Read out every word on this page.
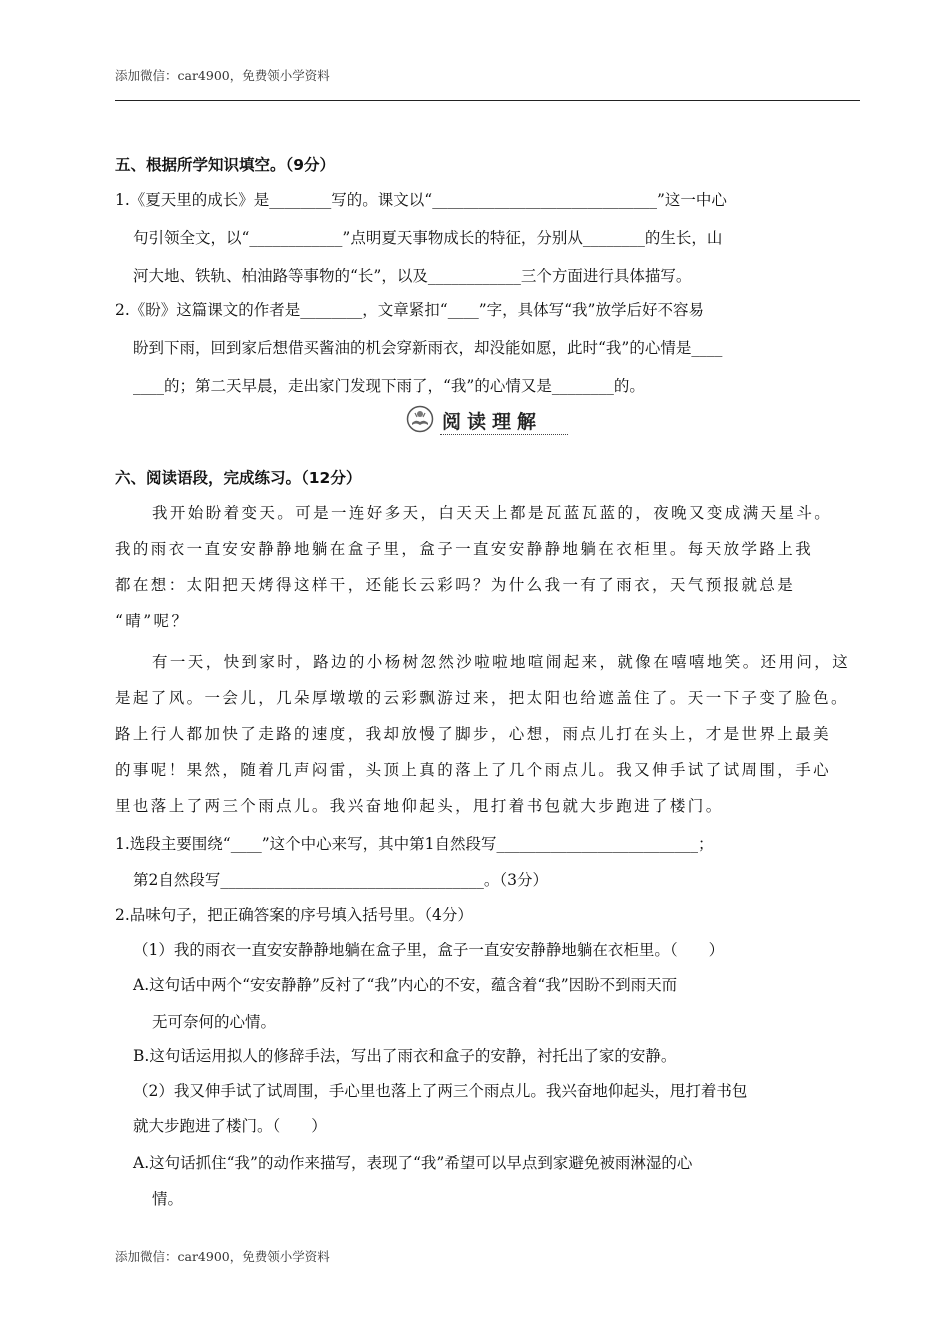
添加微信：car4900，免费领小学资料
五、根据所学知识填空。（9分）
1.《夏天里的成长》是________写的。课文以“_____________________________”这一中心
句引领全文，以“____________”点明夏天事物成长的特征，分别从________的生长，山
河大地、铁轨、柏油路等事物的“长”，以及____________三个方面进行具体描写。
2.《盼》这篇课文的作者是________，文章紧扣“____”字，具体写“我”放学后好不容易
盼到下雨，回到家后想借买酱油的机会穿新雨衣，却没能如愿，此时“我”的心情是____
____的；第二天早晨，走出家门发现下雨了，“我”的心情又是________的。
阅读理解
六、阅读语段，完成练习。（12分）
我开始盼着变天。可是一连好多天，白天天上都是瓦蓝瓦蓝的，夜晚又变成满天星斗。
我的雨衣一直安安静静地躺在盒子里，盒子一直安安静静地躺在衣柜里。每天放学路上我
都在想：太阳把天烤得这样干，还能长云彩吗？为什么我一有了雨衣，天气预报就总是
“晴”呢？
有一天，快到家时，路边的小杨树忽然沙啦啦地喧闹起来，就像在嘻嘻地笑。还用问，这
是起了风。一会儿，几朵厚墩墩的云彩飘游过来，把太阳也给遮盖住了。天一下子变了脸色。
路上行人都加快了走路的速度，我却放慢了脚步，心想，雨点儿打在头上，才是世界上最美
的事呢！果然，随着几声闷雷，头顶上真的落上了几个雨点儿。我又伸手试了试周围，手心
里也落上了两三个雨点儿。我兴奋地仰起头，甩打着书包就大步跑进了楼门。
1.选段主要围绕“____”这个中心来写，其中第1自然段写__________________________；
第2自然段写__________________________________。（3分）
2.品味句子，把正确答案的序号填入括号里。（4分）
（1）我的雨衣一直安安静静地躺在盒子里，盒子一直安安静静地躺在衣柜里。（　　）
A.这句话中两个“安安静静”反衬了“我”内心的不安，蕴含着“我”因盼不到雨天而
无可奈何的心情。
B.这句话运用拟人的修辞手法，写出了雨衣和盒子的安静，衬托出了家的安静。
（2）我又伸手试了试周围，手心里也落上了两三个雨点儿。我兴奋地仰起头，甩打着书包
就大步跑进了楼门。（　　）
A.这句话抓住“我”的动作来描写，表现了“我”希望可以早点到家避免被雨淋湿的心
情。
添加微信：car4900，免费领小学资料
